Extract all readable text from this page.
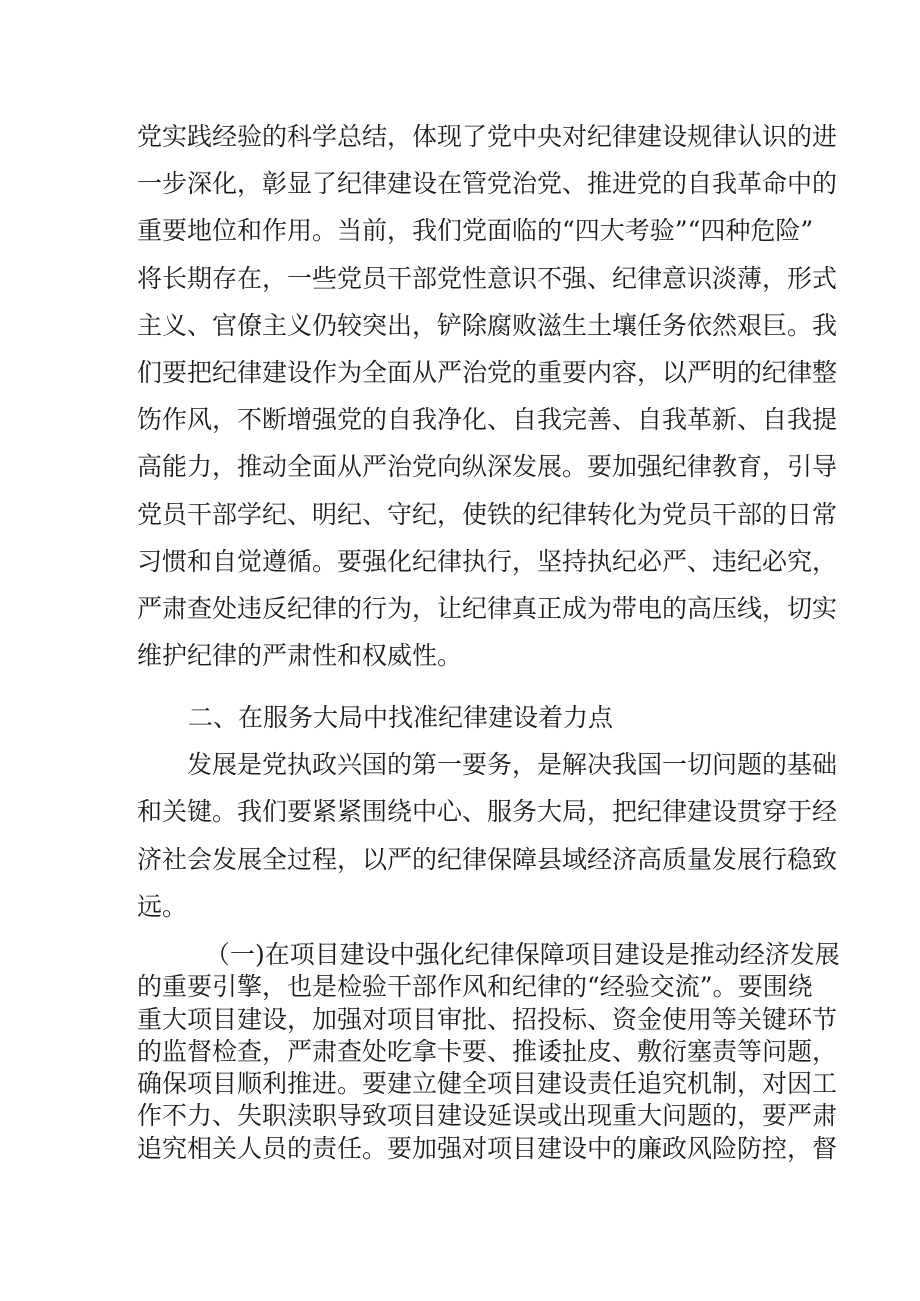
党实践经验的科学总结，体现了党中央对纪律建设规律认识的进
一步深化，彰显了纪律建设在管党治党、推进党的自我革命中的
重要地位和作用。当前，我们党面临的“四大考验”“四种危险”
将长期存在，一些党员干部党性意识不强、纪律意识淡薄，形式
主义、官僚主义仍较突出，铲除腐败滋生土壤任务依然艰巨。我
们要把纪律建设作为全面从严治党的重要内容，以严明的纪律整
饬作风，不断增强党的自我净化、自我完善、自我革新、自我提
高能力，推动全面从严治党向纵深发展。要加强纪律教育，引导
党员干部学纪、明纪、守纪，使铁的纪律转化为党员干部的日常
习惯和自觉遵循。要强化纪律执行，坚持执纪必严、违纪必究，
严肃查处违反纪律的行为，让纪律真正成为带电的高压线，切实
维护纪律的严肃性和权威性。
二、在服务大局中找准纪律建设着力点
发展是党执政兴国的第一要务，是解决我国一切问题的基础
和关键。我们要紧紧围绕中心、服务大局，把纪律建设贯穿于经
济社会发展全过程，以严的纪律保障县域经济高质量发展行稳致
远。
（一)在项目建设中强化纪律保障项目建设是推动经济发展
的重要引擎，也是检验干部作风和纪律的“经验交流”。要围绕
重大项目建设，加强对项目审批、招投标、资金使用等关键环节
的监督检查，严肃查处吃拿卡要、推诿扯皮、敷衍塞责等问题，
确保项目顺利推进。要建立健全项目建设责任追究机制，对因工
作不力、失职渎职导致项目建设延误或出现重大问题的，要严肃
追究相关人员的责任。要加强对项目建设中的廉政风险防控，督
